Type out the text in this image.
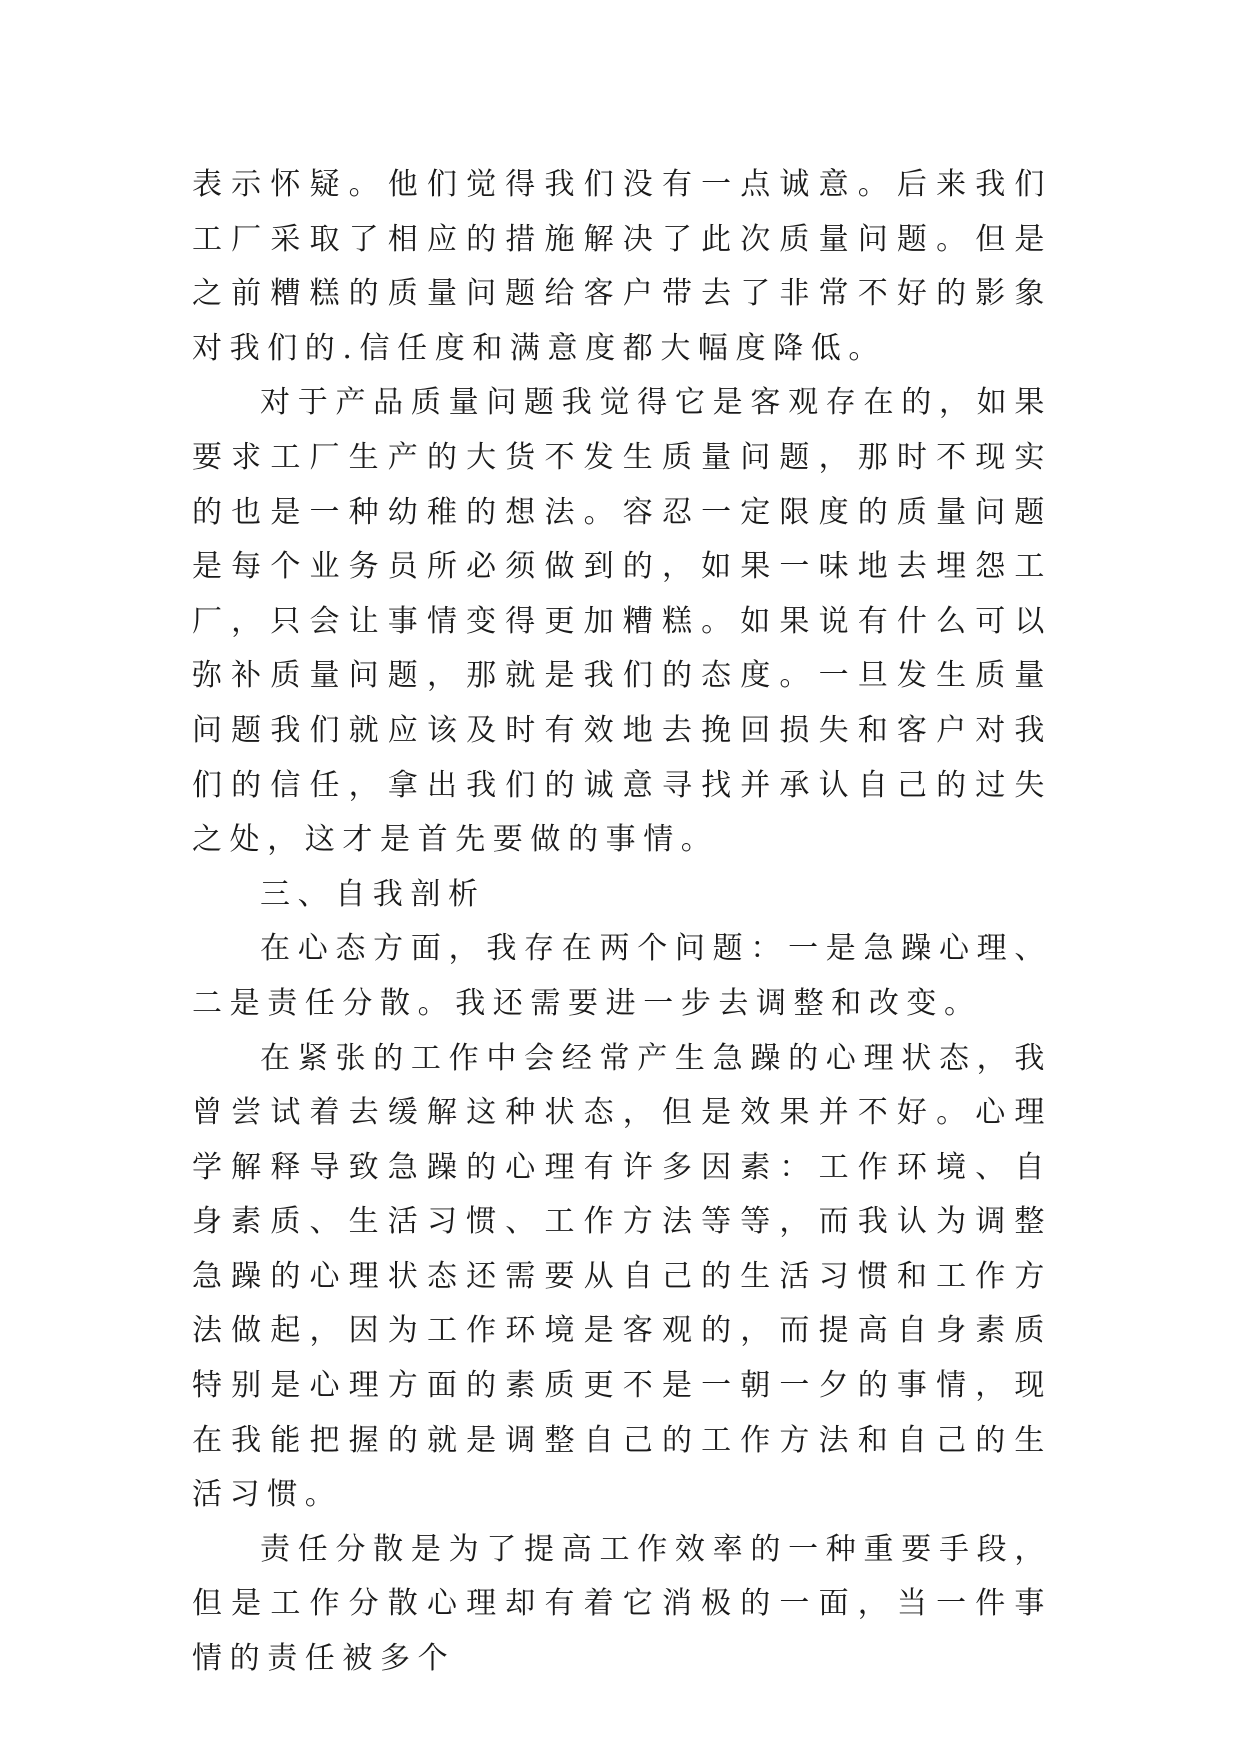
表示怀疑。他们觉得我们没有一点诚意。后来我们工厂采取了相应的措施解决了此次质量问题。但是之前糟糕的质量问题给客户带去了非常不好的影象对我们的.信任度和满意度都大幅度降低。

对于产品质量问题我觉得它是客观存在的，如果要求工厂生产的大货不发生质量问题，那时不现实的也是一种幼稚的想法。容忍一定限度的质量问题是每个业务员所必须做到的，如果一味地去埋怨工厂，只会让事情变得更加糟糕。如果说有什么可以弥补质量问题，那就是我们的态度。一旦发生质量问题我们就应该及时有效地去挽回损失和客户对我们的信任，拿出我们的诚意寻找并承认自己的过失之处，这才是首先要做的事情。

三、自我剖析

在心态方面，我存在两个问题：一是急躁心理、二是责任分散。我还需要进一步去调整和改变。

在紧张的工作中会经常产生急躁的心理状态，我曾尝试着去缓解这种状态，但是效果并不好。心理学解释导致急躁的心理有许多因素：工作环境、自身素质、生活习惯、工作方法等等，而我认为调整急躁的心理状态还需要从自己的生活习惯和工作方法做起，因为工作环境是客观的，而提高自身素质特别是心理方面的素质更不是一朝一夕的事情，现在我能把握的就是调整自己的工作方法和自己的生活习惯。

责任分散是为了提高工作效率的一种重要手段，但是工作分散心理却有着它消极的一面，当一件事情的责任被多个
